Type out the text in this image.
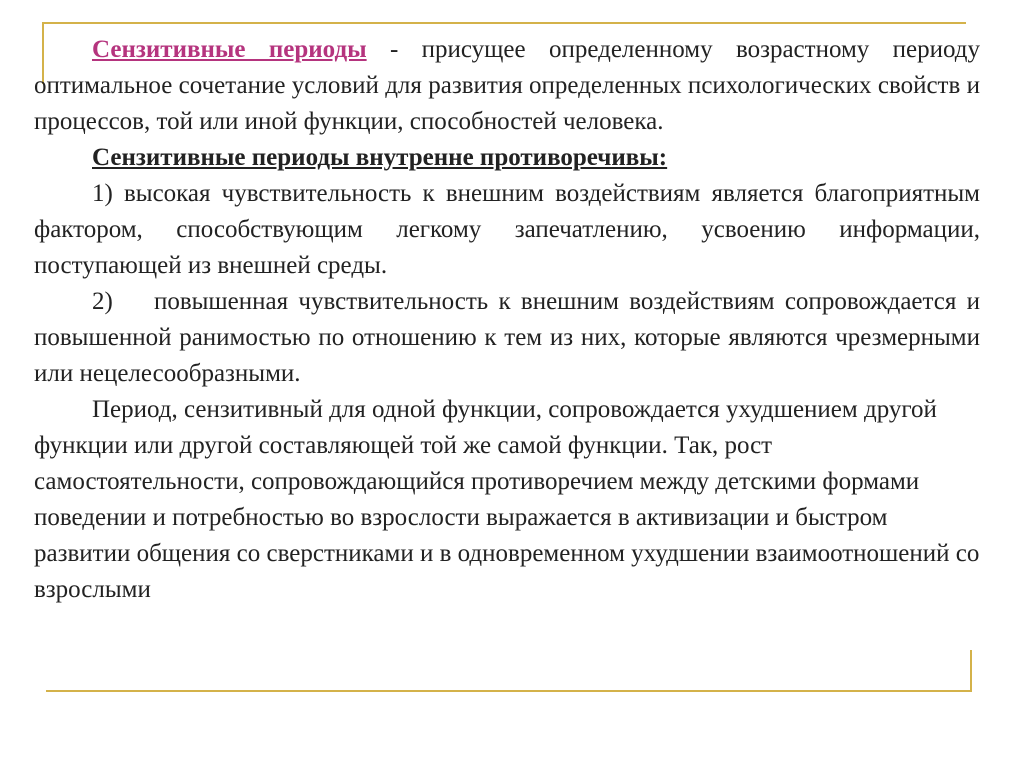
Сензитивные периоды - присущее определенному возрастному периоду оптимальное сочетание условий для развития определенных психологических свойств и процессов, той или иной функции, способностей человека.

Сензитивные периоды внутренне противоречивы:

1) высокая чувствительность к внешним воздействиям является благоприятным фактором, способствующим легкому запечатлению, усвоению информации, поступающей из внешней среды.

2)    повышенная чувствительность к внешним воздействиям сопровождается и повышенной ранимостью по отношению к тем из них, которые являются чрезмерными или нецелесообразными.

Период, сензитивный для одной функции, сопровождается ухудшением другой функции или другой составляющей той же самой функции. Так, рост самостоятельности, сопровождающийся противоречием между детскими формами поведении и потребностью во взрослости выражается в активизации и быстром развитии общения со сверстниками и в одновременном ухудшении взаимоотношений со взрослыми
